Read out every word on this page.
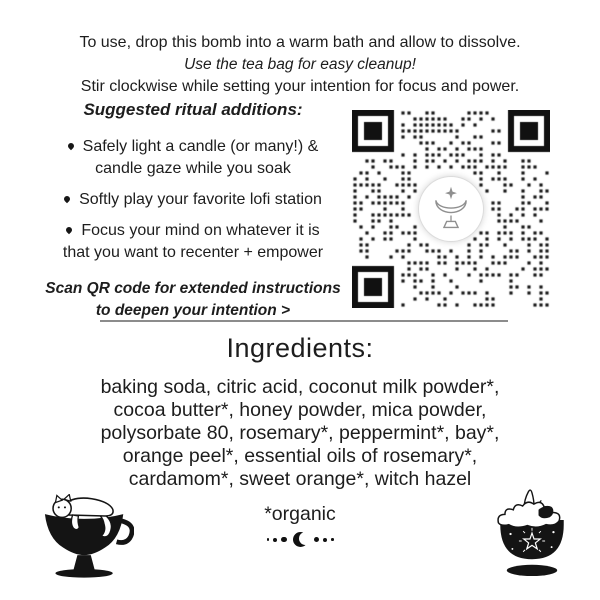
To use, drop this bomb into a warm bath and allow to dissolve.
Use the tea bag for easy cleanup!
Stir clockwise while setting your intention for focus and power.
Suggested ritual additions:
Safely light a candle (or many!) &
candle gaze while you soak
Softly play your favorite lofi station
Focus your mind on whatever it is
that you want to recenter + empower
Scan QR code for extended instructions
to deepen your intention >
Ingredients:
baking soda, citric acid, coconut milk powder*,
cocoa butter*, honey powder, mica powder,
polysorbate 80, rosemary*, peppermint*, bay*,
orange peel*, essential oils of rosemary*,
cardamom*, sweet orange*, witch hazel
*organic
